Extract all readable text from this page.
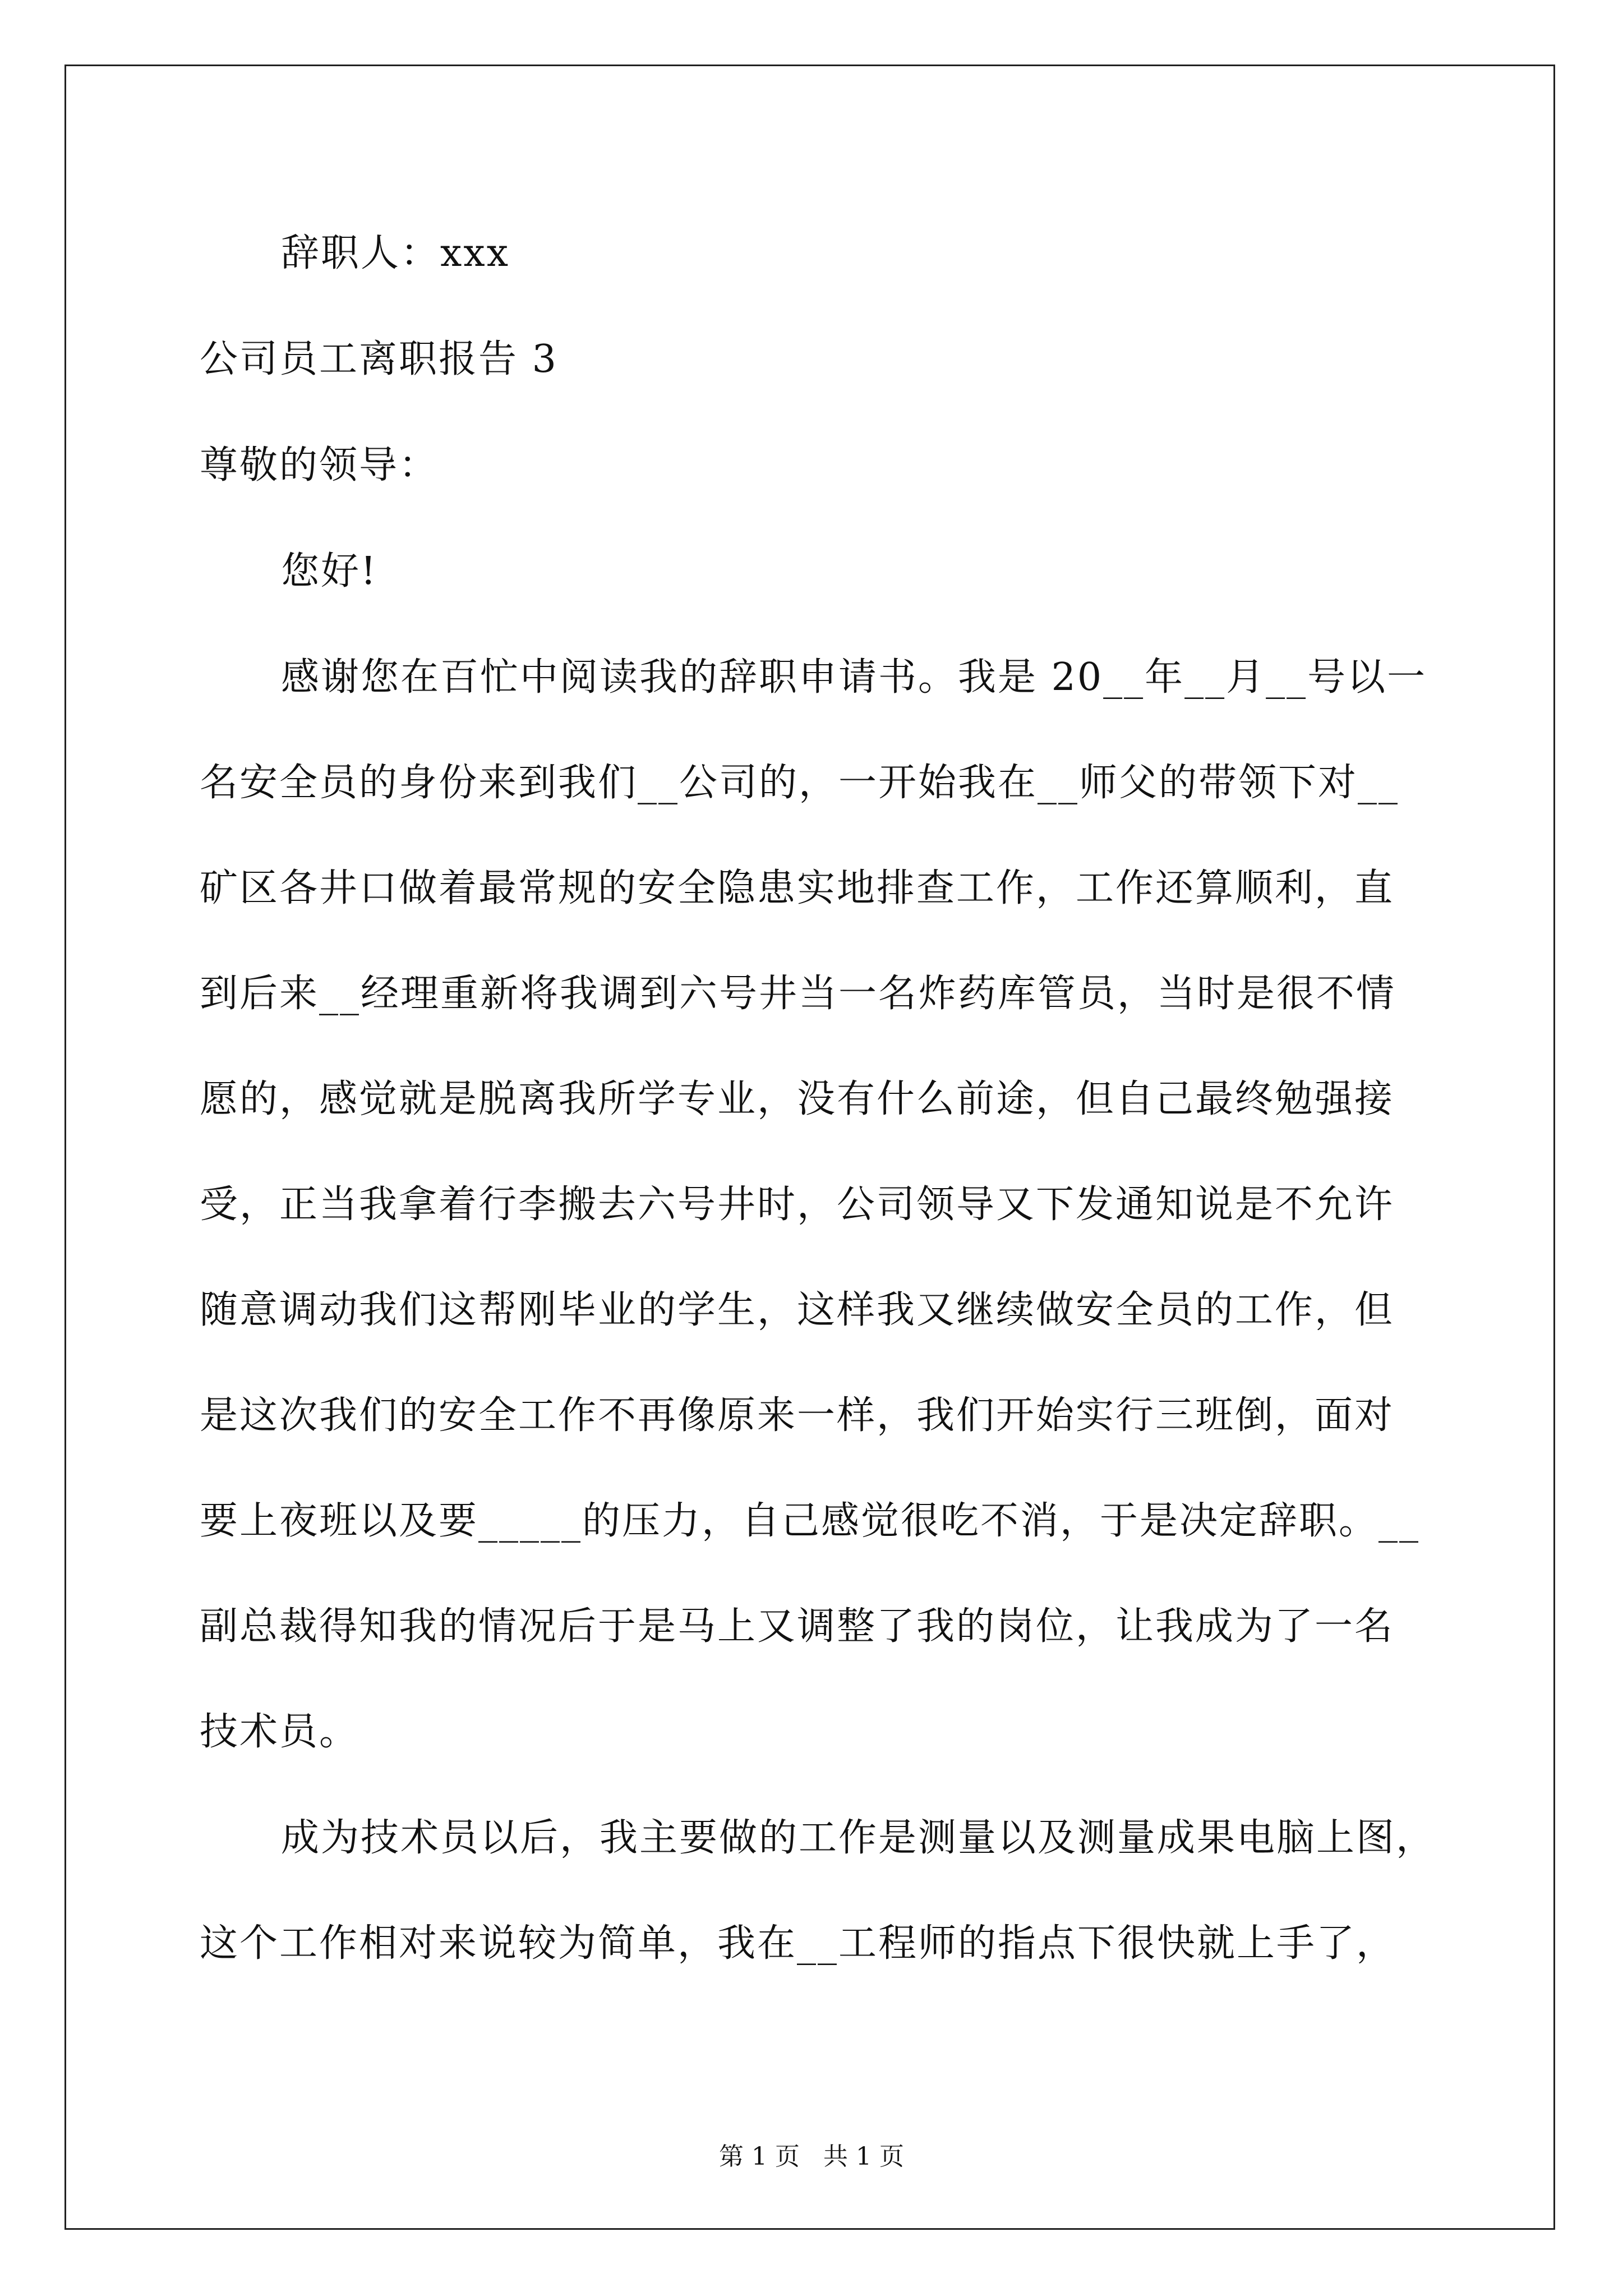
辞职人：xxx
公司员工离职报告 3
尊敬的领导：
您好!
感谢您在百忙中阅读我的辞职申请书。我是 20__年__月__号以一
名安全员的身份来到我们__公司的，一开始我在__师父的带领下对__
矿区各井口做着最常规的安全隐患实地排查工作，工作还算顺利，直
到后来__经理重新将我调到六号井当一名炸药库管员，当时是很不情
愿的，感觉就是脱离我所学专业，没有什么前途，但自己最终勉强接
受，正当我拿着行李搬去六号井时，公司领导又下发通知说是不允许
随意调动我们这帮刚毕业的学生，这样我又继续做安全员的工作，但
是这次我们的安全工作不再像原来一样，我们开始实行三班倒，面对
要上夜班以及要_____的压力，自己感觉很吃不消，于是决定辞职。__
副总裁得知我的情况后于是马上又调整了我的岗位，让我成为了一名
技术员。
成为技术员以后，我主要做的工作是测量以及测量成果电脑上图，
这个工作相对来说较为简单，我在__工程师的指点下很快就上手了，
第 1 页   共 1 页
